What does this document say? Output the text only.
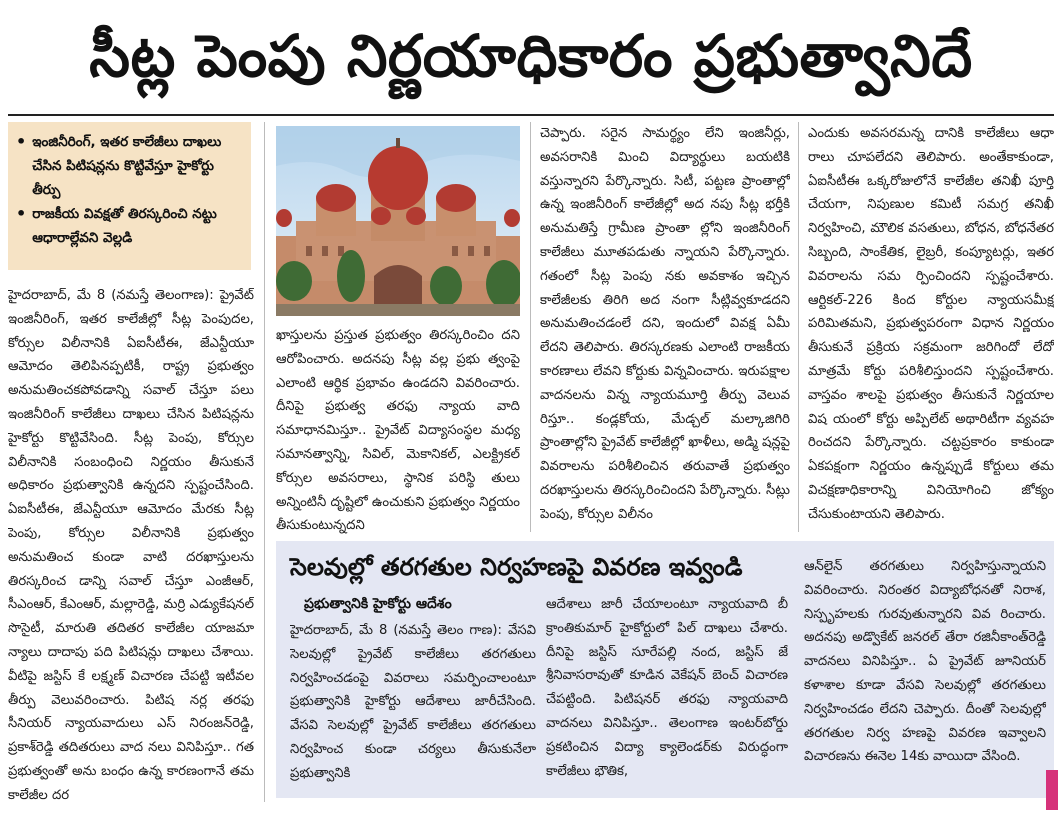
సీట్ల పెంపు నిర్ణయాధికారం ప్రభుత్వానిదే
• ఇంజినీరింగ్, ఇతర కాలేజీలు దాఖలు చేసిన పిటిషన్లను కొట్టివేస్తూ హైకోర్టు తీర్పు
• రాజకీయ వివక్షతో తిరస్కరించి నట్టు ఆధారాల్లేవని వెల్లడి

హైదరాబాద్, మే 8 (నమస్తే తెలంగాణ): ప్రైవేట్ ఇంజినీరింగ్, ఇతర కాలేజీల్లో సీట్ల పెంపుదల, కోర్సుల విలీనానికి ఏఐసీటీఈ, జేఎన్టీయూ ఆమోదం తెలిపినప్పటికీ, రాష్ట్ర ప్రభుత్వం అనుమతించకపోవడాన్ని సవాల్ చేస్తూ పలు ఇంజినీరింగ్ కాలేజీలు దాఖలు చేసిన పిటిషన్లను హైకోర్టు కొట్టివేసింది. సీట్ల పెంపు, కోర్సుల విలీనానికి సంబంధించి నిర్ణయం తీసుకునే అధికారం ప్రభుత్వానికి ఉన్నదని స్పష్టంచేసింది. ఏఐసీటీఈ, జేఎన్టీయూ ఆమోదం మేరకు సీట్ల పెంపు, కోర్సుల విలీనానికి ప్రభుత్వం అనుమతించ కుండా వాటి దరఖాస్తులను తిరస్కరించ డాన్ని సవాల్ చేస్తూ ఎంజీఆర్, సీఎంఆర్, కేఎంఆర్, మల్లారెడ్డి, మర్రి ఎడ్యుకేషనల్ సొసైటీ, మారుతి తదితర కాలేజీల యాజమా న్యాలు దాదాపు పది పిటిషన్లు దాఖలు చేశాయి. వీటిపై జస్టిస్ కే లక్ష్మణ్ విచారణ చేపట్టి ఇటీవల తీర్పు వెలువరించారు. పిటిష నర్ల తరఫు సీనియర్ న్యాయవాదులు ఎస్ నిరంజన్‌రెడ్డి, ప్రకాశ్‌రెడ్డి తదితరులు వాద నలు వినిపిస్తూ.. గత ప్రభుత్వంతో అను బంధం ఉన్న కారణంగానే తమ కాలేజీల దర

ఖాస్తులను ప్రస్తుత ప్రభుత్వం తిరస్కరించిం దని ఆరోపించారు. అదనపు సీట్ల వల్ల ప్రభు త్వంపై ఎలాంటి ఆర్థిక ప్రభావం ఉండదని వివరించారు. దీనిపై ప్రభుత్వ తరఫు న్యాయ వాది సమాధానమిస్తూ.. ప్రైవేట్ విద్యాసంస్థల మధ్య సమానత్వాన్ని, సివిల్, మెకానికల్, ఎలక్ట్రికల్ కోర్సుల అవసరాలు, స్థానిక పరిస్థి తులు అన్నింటినీ దృష్టిలో ఉంచుకుని ప్రభుత్వం నిర్ణయం తీసుకుంటున్నదని

చెప్పారు. సరైన సామర్థ్యం లేని ఇంజినీర్లు, అవసరానికి మించి విద్యార్థులు బయటికి వస్తున్నారని పేర్కొన్నారు. సిటీ, పట్టణ ప్రాంతాల్లో ఉన్న ఇంజినీరింగ్ కాలేజీల్లో అద నపు సీట్ల భర్తీకి అనుమతిస్తే గ్రామీణ ప్రాంతా ల్లోని ఇంజినీరింగ్ కాలేజీలు మూతపడుతు న్నాయని పేర్కొన్నారు. గతంలో సీట్ల పెంపు నకు అవకాశం ఇచ్చిన కాలేజీలకు తిరిగి అద నంగా సీట్లివ్వకూడదని అనుమతించడంలే దని, ఇందులో వివక్ష ఏమీ లేదని తెలిపారు. తిరస్కరణకు ఎలాంటి రాజకీయ కారణాలు లేవని కోర్టుకు విన్నవించారు. ఇరుపక్షాల వాదనలను విన్న న్యాయమూర్తి తీర్పు వెలువ రిస్తూ.. కండ్లకోయ, మేడ్చల్ మల్కాజిగిరి ప్రాంతాల్లోని ప్రైవేట్ కాలేజీల్లో ఖాళీలు, అడ్మి షన్లపై వివరాలను పరిశీలించిన తరువాతే ప్రభుత్వం దరఖాస్తులను తిరస్కరించిందని పేర్కొన్నారు. సీట్లు పెంపు, కోర్సుల విలీనం

ఎందుకు అవసరమన్న దానికి కాలేజీలు ఆధా రాలు చూపలేదని తెలిపారు. అంతేకాకుండా, ఏఐసీటీఈ ఒక్కరోజులోనే కాలేజీల తనిఖీ పూర్తి చేయగా, నిపుణుల కమిటీ సమగ్ర తనిఖీ నిర్వహించి, మౌలిక వసతులు, బోధన, బోధనేతర సిబ్బంది, సాంకేతిక, లైబ్రరీ, కంప్యూటర్లు, ఇతర వివరాలను సమ ర్పించిందని స్పష్టంచేశారు. ఆర్టికల్-226 కింద కోర్టుల న్యాయసమీక్ష పరిమితమని, ప్రభుత్వపరంగా విధాన నిర్ణయం తీసుకునే ప్రక్రియ సక్రమంగా జరిగిందో లేదో మాత్రమే కోర్టు పరిశీలిస్తుందని స్పష్టంచేశారు. వాస్తవం శాలపై ప్రభుత్వం తీసుకునే నిర్ణయాల విష యంలో కోర్టు అప్పిలేట్ అథారిటీగా వ్యవహ రించదని పేర్కొన్నారు. చట్టప్రకారం కాకుండా ఏకపక్షంగా నిర్ణయం ఉన్నప్పుడే కోర్టులు తమ విచక్షణాధికారాన్ని వినియోగించి జోక్యం చేసుకుంటాయని తెలిపారు.

సెలవుల్లో తరగతుల నిర్వహణపై వివరణ ఇవ్వండి
ప్రభుత్వానికి హైకోర్టు ఆదేశం

హైదరాబాద్, మే 8 (నమస్తే తెలం గాణ): వేసవి సెలవుల్లో ప్రైవేట్ కాలేజీలు తరగతులు నిర్వహించడంపై వివరాలు సమర్పించాలంటూ ప్రభుత్వానికి హైకోర్టు ఆదేశాలు జారీచేసింది. వేసవి సెలవుల్లో ప్రైవేట్ కాలేజీలు తరగతులు నిర్వహించ కుండా చర్యలు తీసుకునేలా ప్రభుత్వానికి

ఆదేశాలు జారీ చేయాలంటూ న్యాయవాది బీ క్రాంతికుమార్ హైకోర్టులో పిల్ దాఖలు చేశారు. దీనిపై జస్టిస్ సూరేపల్లి నంద, జస్టిస్ జే శ్రీనివాసరావుతో కూడిన వెకేషన్ బెంచ్ విచారణ చేపట్టింది. పిటిషనర్ తరఫు న్యాయవాది వాదనలు వినిపిస్తూ.. తెలంగాణ ఇంటర్‌బోర్డు ప్రకటించిన విద్యా క్యాలెండర్‌కు విరుద్ధంగా కాలేజీలు భౌతిక,

ఆన్‌లైన్ తరగతులు నిర్వహిస్తున్నాయని వివరించారు. నిరంతర విద్యాబోధనతో నిరాశ, నిస్పృహలకు గురవుతున్నారని వివ రించారు. అదనపు అడ్వొకేట్ జనరల్ తేరా రజినీకాంత్‌రెడ్డి వాదనలు వినిపిస్తూ.. ఏ ప్రైవేట్ జూనియర్ కళాశాల కూడా వేసవి సెలవుల్లో తరగతులు నిర్వహించడం లేదని చెప్పారు. దీంతో సెలవుల్లో తరగతుల నిర్వ హణపై వివరణ ఇవ్వాలని విచారణను ఈనెల 14కు వాయిదా వేసింది.
